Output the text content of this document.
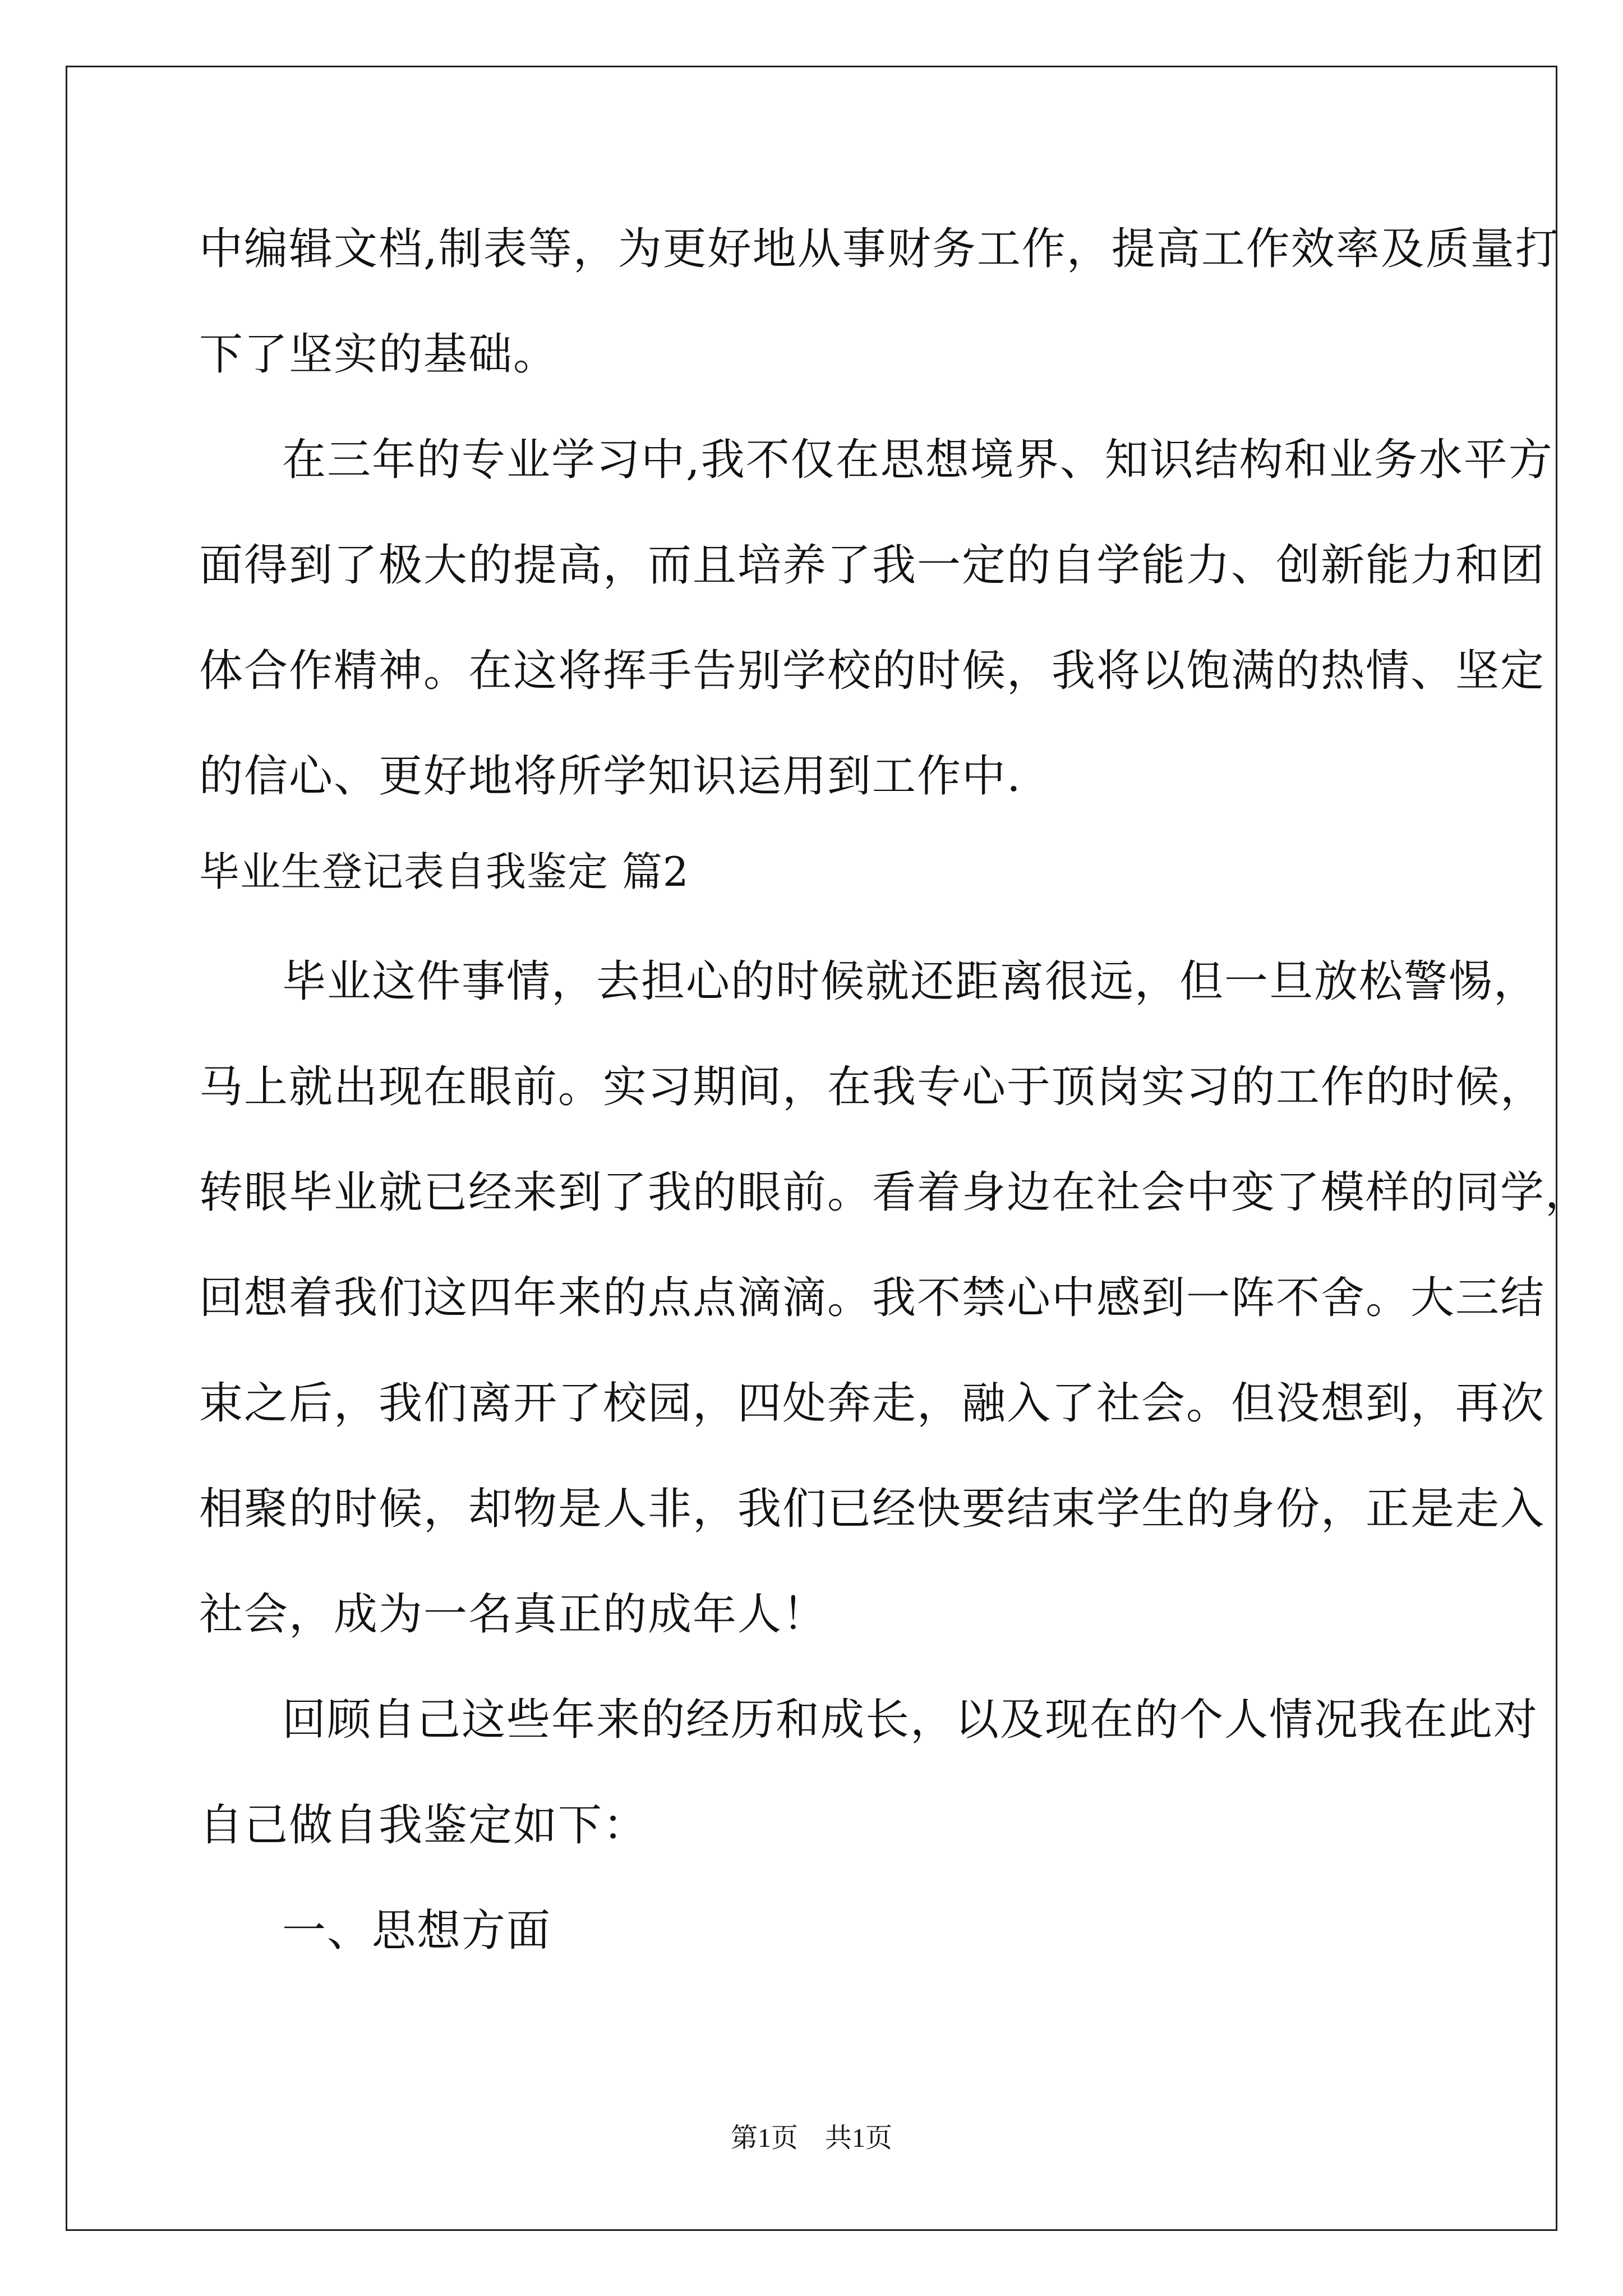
中编辑文档,制表等，为更好地从事财务工作，提高工作效率及质量打

下了坚实的基础。

在三年的专业学习中,我不仅在思想境界、知识结构和业务水平方

面得到了极大的提高，而且培养了我一定的自学能力、创新能力和团

体合作精神。在这将挥手告别学校的时候，我将以饱满的热情、坚定

的信心、更好地将所学知识运用到工作中.

毕业生登记表自我鉴定 篇2

毕业这件事情，去担心的时候就还距离很远，但一旦放松警惕，

马上就出现在眼前。实习期间，在我专心于顶岗实习的工作的时候，

转眼毕业就已经来到了我的眼前。看着身边在社会中变了模样的同学，

回想着我们这四年来的点点滴滴。我不禁心中感到一阵不舍。大三结

束之后，我们离开了校园，四处奔走，融入了社会。但没想到，再次

相聚的时候，却物是人非，我们已经快要结束学生的身份，正是走入

社会，成为一名真正的成年人！

回顾自己这些年来的经历和成长，以及现在的个人情况我在此对

自己做自我鉴定如下：

一、思想方面

第1页 共1页
